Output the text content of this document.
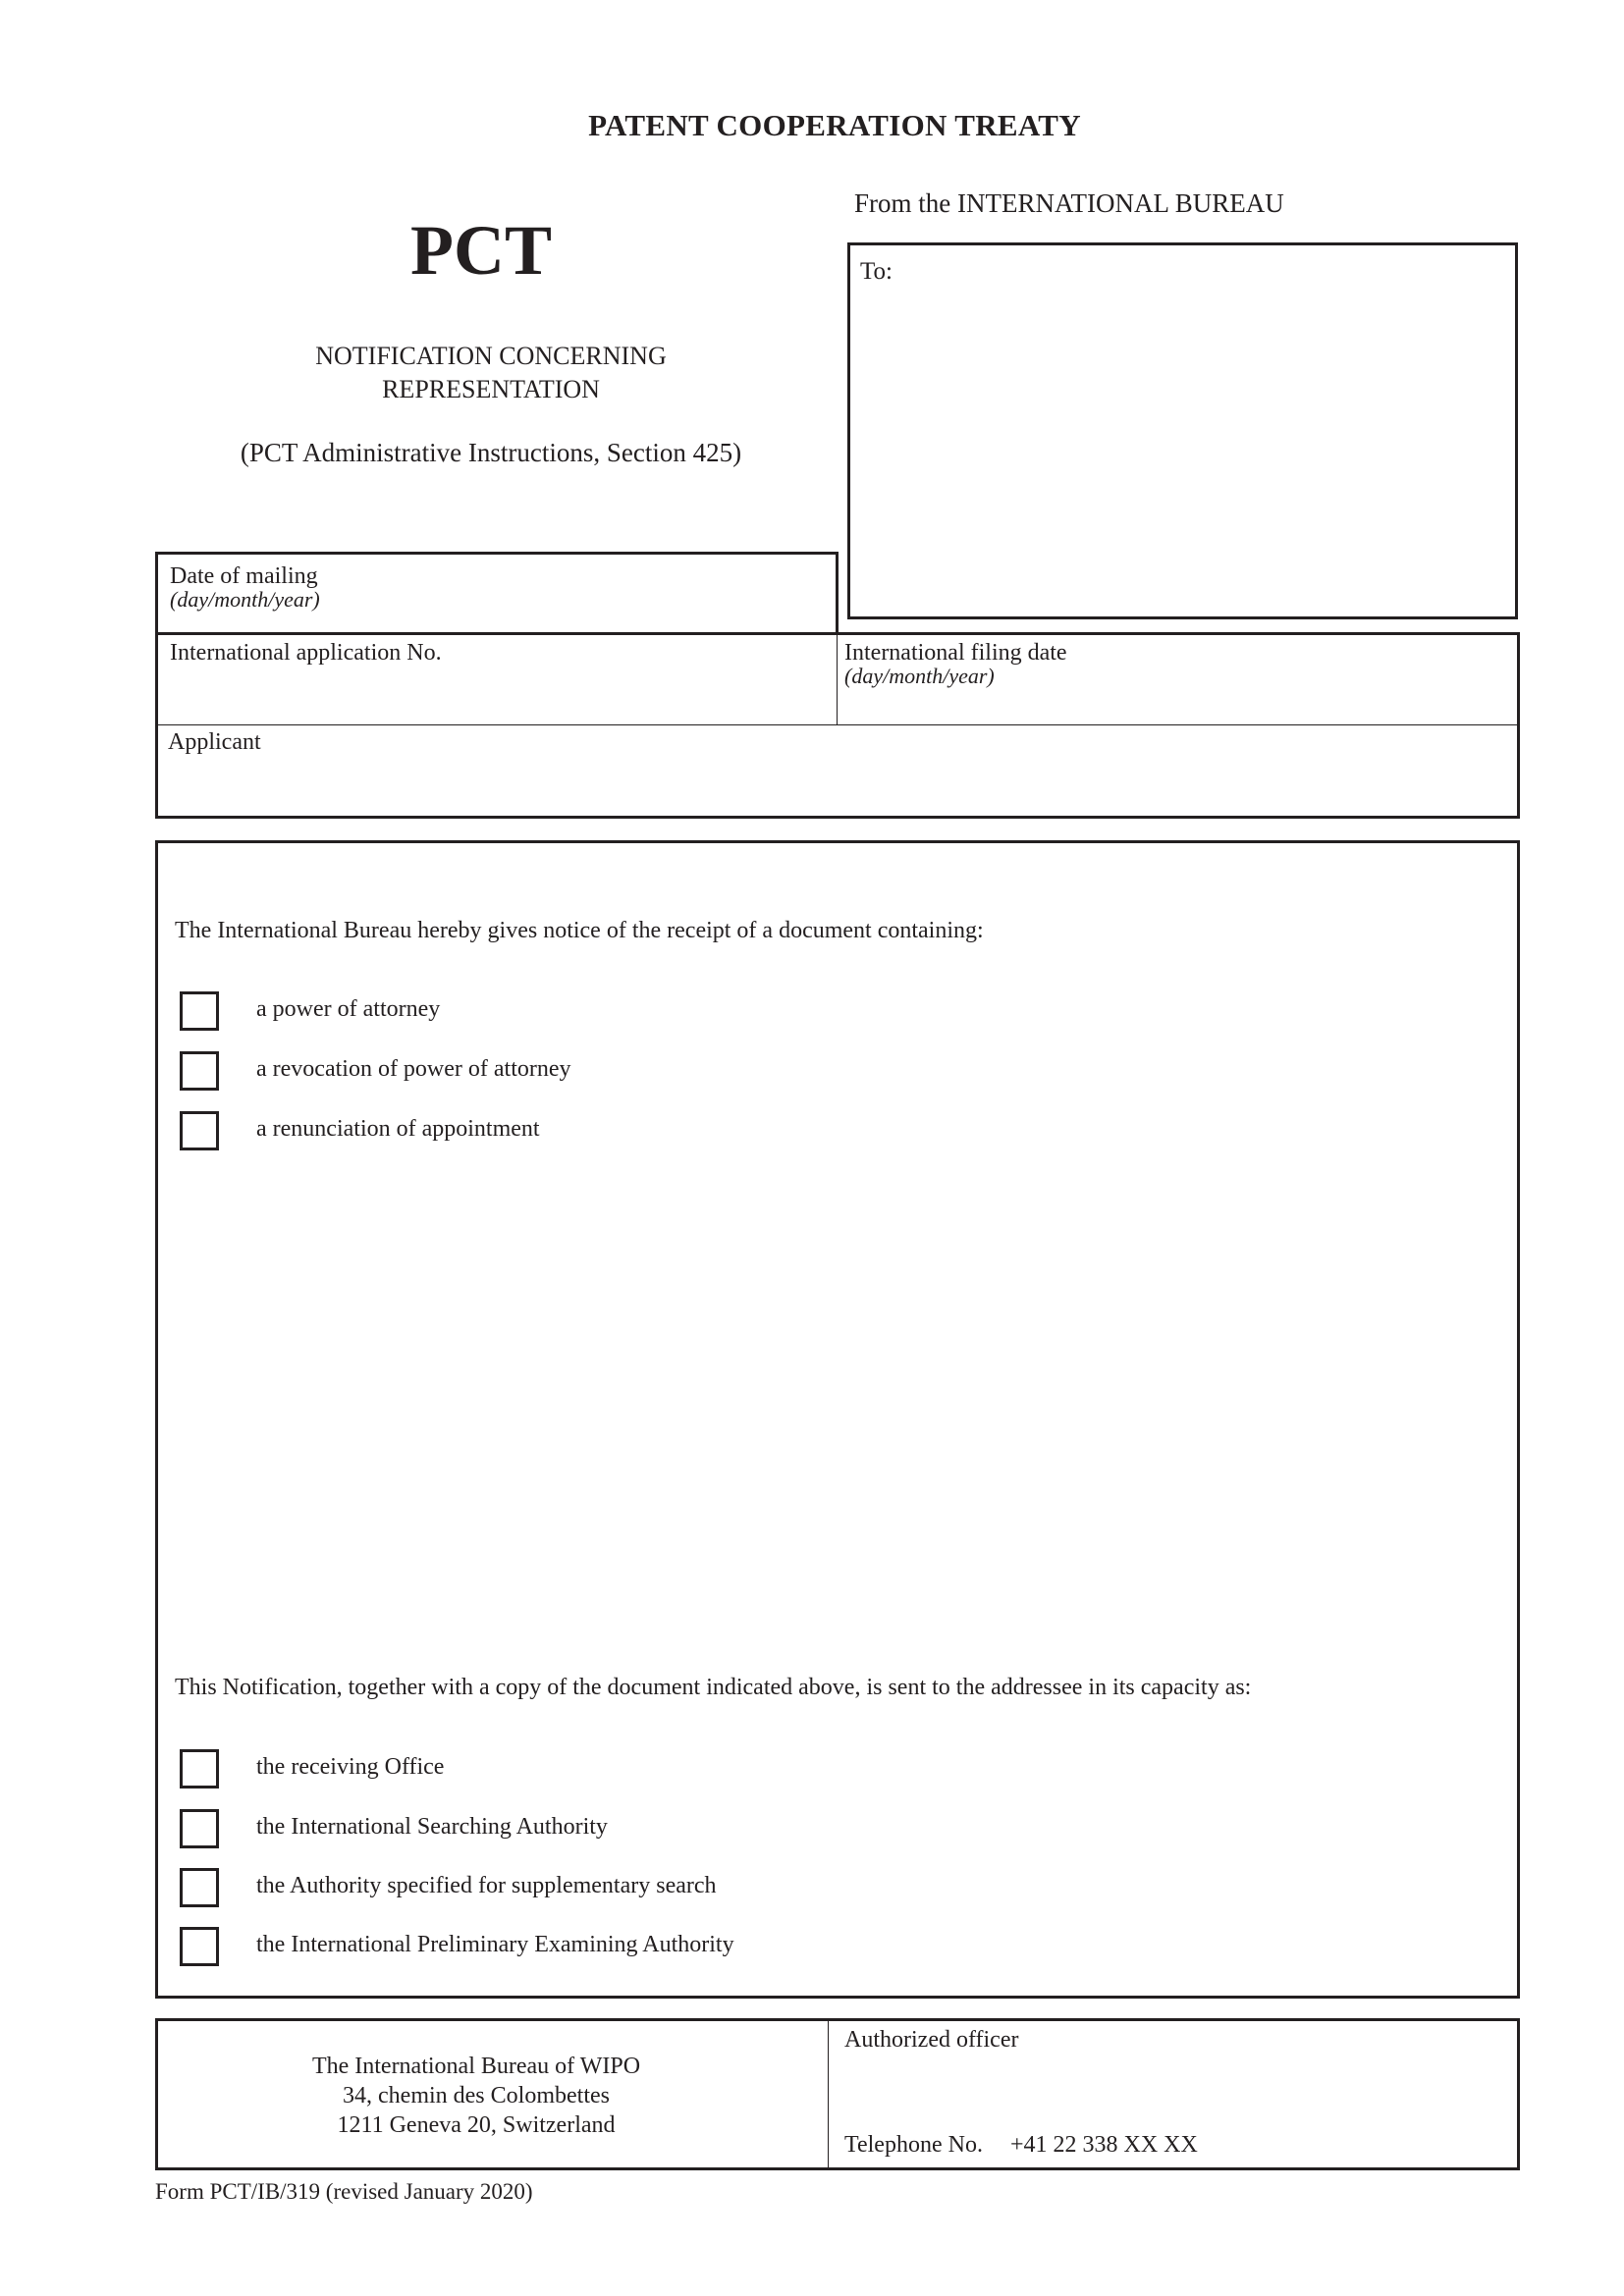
PATENT COOPERATION TREATY
PCT
NOTIFICATION CONCERNING
REPRESENTATION
(PCT Administrative Instructions, Section 425)
From the INTERNATIONAL BUREAU
To:
Date of mailing
(day/month/year)
International application No.	International filing date
(day/month/year)
Applicant
The International Bureau hereby gives notice of the receipt of a document containing:
a power of attorney
a revocation of power of attorney
a renunciation of appointment
This Notification, together with a copy of the document indicated above, is sent to the addressee in its capacity as:
the receiving Office
the International Searching Authority
the Authority specified for supplementary search
the International Preliminary Examining Authority
The International Bureau of WIPO
34, chemin des Colombettes
1211 Geneva 20, Switzerland
Authorized officer
Telephone No. +41 22 338 XX XX
Form PCT/IB/319 (revised January 2020)
